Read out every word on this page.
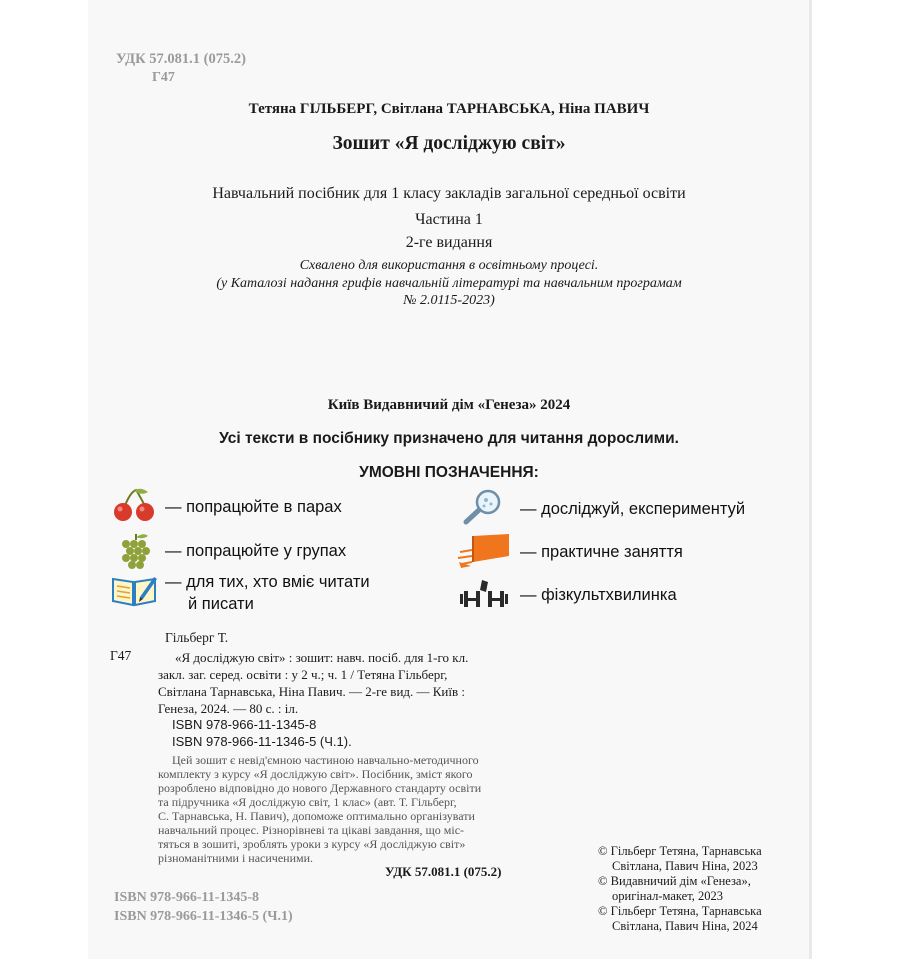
УДК 57.081.1 (075.2)
Г47
Тетяна ГІЛЬБЕРГ, Світлана ТАРНАВСЬКА, Ніна ПАВИЧ
Зошит «Я досліджую світ»
Навчальний посібник для 1 класу закладів загальної середньої освіти
Частина 1
2-ге видання
Схвалено для використання в освітньому процесі.
(у Каталозі надання грифів навчальній літературі та навчальним програмам
№ 2.0115-2023)
Київ Видавничий дім «Генеза» 2024
Усі тексти в посібнику призначено для читання дорослими.
УМОВНІ ПОЗНАЧЕННЯ:
— попрацюйте в парах
— попрацюйте у групах
— для тих, хто вміє читати
й писати
— досліджуй, експериментуй
— практичне заняття
— фізкультхвилинка
Гільберг Т.
Г47	«Я досліджую світ» : зошит: навч. посіб. для 1-го кл.
закл. заг. серед. освіти : у 2 ч.; ч. 1 / Тетяна Гільберг,
Світлана Тарнавська, Ніна Павич. — 2-ге вид. — Київ :
Генеза, 2024. — 80 с. : іл.
ISBN 978-966-11-1345-8
ISBN 978-966-11-1346-5 (Ч.1).
Цей зошит є невід'ємною частиною навчально-методичного
комплекту з курсу «Я досліджую світ». Посібник, зміст якого
розроблено відповідно до нового Державного стандарту освіти
та підручника «Я досліджую світ, 1 клас» (авт. Т. Гільберг,
С. Тарнавська, Н. Павич), допоможе оптимально організувати
навчальний процес. Різнорівневі та цікаві завдання, що міс-
тяться в зошиті, зроблять уроки з курсу «Я досліджую світ»
різноманітними і насиченими.
УДК 57.081.1 (075.2)
ISBN 978-966-11-1345-8
ISBN 978-966-11-1346-5 (Ч.1)
© Гільберг Тетяна, Тарнавська
Світлана, Павич Ніна, 2023
© Видавничий дім «Генеза»,
оригінал-макет, 2023
© Гільберг Тетяна, Тарнавська
Світлана, Павич Ніна, 2024
